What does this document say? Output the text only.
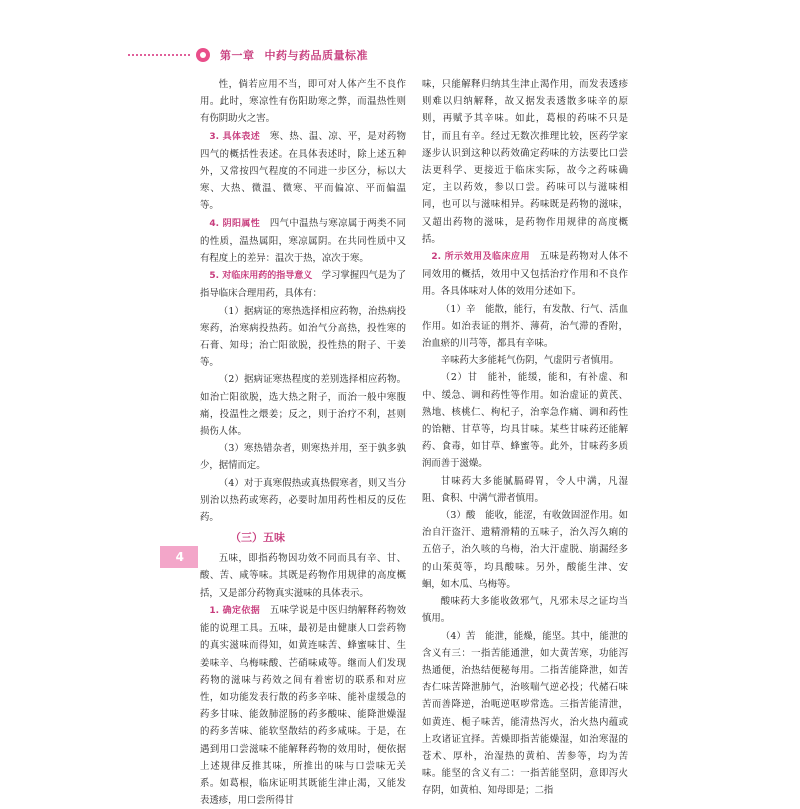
第一章 中药与药品质量标准
4

性，倘若应用不当，即可对人体产生不良作用。此时，寒凉性有伤阳助寒之弊，而温热性则有伤阴助火之害。

3. 具体表述　 寒、热、温、凉、平，是对药物四气的概括性表述。在具体表述时，除上述五种外，又常按四气程度的不同进一步区分，标以大寒、大热、微温、微寒、平而偏凉、平而偏温等。

4. 阴阳属性　 四气中温热与寒凉属于两类不同的性质，温热属阳，寒凉属阴。在共同性质中又有程度上的差异：温次于热，凉次于寒。

5. 对临床用药的指导意义　 学习掌握四气是为了指导临床合理用药，具体有：

（1）据病证的寒热选择相应药物，治热病投寒药，治寒病投热药。如治气分高热，投性寒的石膏、知母；治亡阳欲脱，投性热的附子、干姜等。

（2）据病证寒热程度的差别选择相应药物。如治亡阳欲脱，选大热之附子，而治一般中寒腹痛，投温性之煨姜；反之，则于治疗不利，甚则损伤人体。

（3）寒热错杂者，则寒热并用，至于孰多孰少，据情而定。

（4）对于真寒假热或真热假寒者，则又当分别治以热药或寒药，必要时加用药性相反的反佐药。

（三）五味

五味，即指药物因功效不同而具有辛、甘、酸、苦、咸等味。其既是药物作用规律的高度概括，又是部分药物真实滋味的具体表示。

1. 确定依据　 五味学说是中医归纳解释药物效能的说理工具。五味，最初是由健康人口尝药物的真实滋味而得知，如黄连味苦、蜂蜜味甘、生姜味辛、乌梅味酸、芒硝味咸等。继而人们发现药物的滋味与药效之间有着密切的联系和对应性，如功能发表行散的药多辛味、能补虚缓急的药多甘味、能敛肺涩肠的药多酸味、能降泄燥湿的药多苦味、能软坚散结的药多咸味。于是，在遇到用口尝滋味不能解释药物的效用时，便依据上述规律反推其味，所推出的味与口尝味无关系。如葛根，临床证明其既能生津止渴，又能发表透疹，用口尝所得甘

味，只能解释归纳其生津止渴作用，而发表透疹则难以归纳解释，故又据发表透散多味辛的原则，再赋予其辛味。如此，葛根的药味不只是甘，而且有辛。经过无数次推理比较，医药学家逐步认识到这种以药效确定药味的方法要比口尝法更科学、更接近于临床实际，故今之药味确定，主以药效，参以口尝。药味可以与滋味相同，也可以与滋味相异。药味既是药物的滋味，又超出药物的滋味，是药物作用规律的高度概括。

2. 所示效用及临床应用　 五味是药物对人体不同效用的概括，效用中又包括治疗作用和不良作用。各具体味对人体的效用分述如下。

（1）辛　能散，能行，有发散、行气、活血作用。如治表证的荆芥、薄荷，治气滞的香附，治血瘀的川芎等，都具有辛味。

辛味药大多能耗气伤阴，气虚阴亏者慎用。

（2）甘　能补，能缓，能和，有补虚、和中、缓急、调和药性等作用。如治虚证的黄芪、熟地、核桃仁、枸杞子，治挛急作痛、调和药性的饴糖、甘草等，均具甘味。某些甘味药还能解药、食毒，如甘草、蜂蜜等。此外，甘味药多质润而善于滋燥。

甘味药大多能腻膈碍胃，令人中满，凡湿阻、食积、中满气滞者慎用。

（3）酸　能收，能涩，有收敛固涩作用。如治自汗盗汗、遗精滑精的五味子，治久泻久痢的五倍子，治久咳的乌梅，治大汗虚脱、崩漏经多的山茱萸等，均具酸味。另外，酸能生津、安蛔，如木瓜、乌梅等。

酸味药大多能收敛邪气，凡邪未尽之证均当慎用。

（4）苦　能泄，能燥，能坚。其中，能泄的含义有三：一指苦能通泄，如大黄苦寒，功能泻热通便，治热结便秘每用。二指苦能降泄，如苦杏仁味苦降泄肺气，治咳喘气逆必投；代赭石味苦而善降逆，治呃逆呕哕常选。三指苦能清泄，如黄连、栀子味苦，能清热泻火，治火热内蕴或上攻诸证宜择。苦燥即指苦能燥湿，如治寒湿的苍术、厚朴，治湿热的黄柏、苦参等，均为苦味。能坚的含义有二：一指苦能坚阴，意即泻火存阴，如黄柏、知母即是；二指
